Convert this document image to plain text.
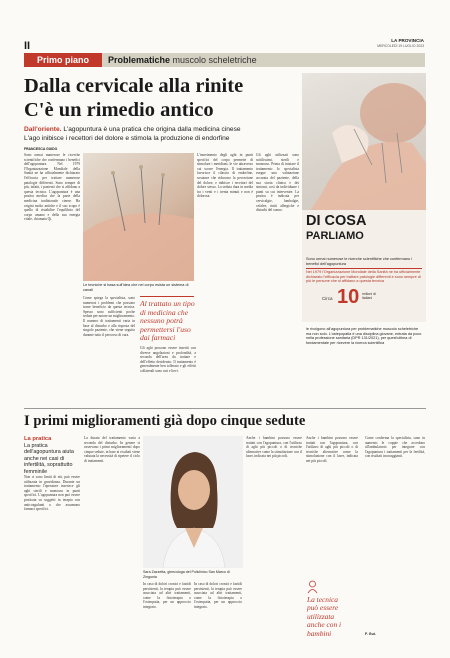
II	LA PROVINCIA
MERCOLEDÌ 19 LUGLIO 2023
Primo piano	Problematiche muscolo scheletriche
Dalla cervicale alla rinite
C'è un rimedio antico
Dall'oriente. L'agopuntura è una pratica che origina dalla medicina cinese
L'ago inibisce i recettori del dolore e stimola la produzione di endorfine
DI COSA
PARLIAMO
Sono ormai numerose le ricerche scientifiche che confermano i benefici dell'agopuntura
Nel 1979 l'Organizzazione Mondiale della Sanità ne ha ufficialmente dichiarato l'efficacia per trattare patologie differenti e sono sempre di più le persone che si affidano a questa tecnica
Circa 10 milioni di italiani
le rivolgono all'agopuntura per problematiche muscolo scheletriche ma non solo. L'ostepopatia è una disciplina giovane, entrata da poco nella professione sanitaria (DPR 131/2021), per quest'ultima di fondamentale per ricevere la ricerca scientifica
FRANCESCA GUIDO
Sono ormai numerose le ricerche scientifiche che confermano i benefici dell'agopuntura. Nel 1979 l'Organizzazione Mondiale della Sanità ne ha ufficialmente dichiarato l'efficacia per trattare numerose patologie differenti. Sono sempre di più, infatti, i pazienti che si affidano a questa tecnica. L'agopuntura è una pratica medica che fa parte della medicina tradizionale cinese. Ha origini molto antiche e il suo scopo è quello di ristabilire l'equilibrio del corpo umano e della sua energia vitale, chiamata Qi.
Le tecniche si basa sull'idea che nel corpo esista un sistema di canali
L'inserimento degli aghi in punti specifici del corpo permette di stimolare i meridiani, le vie attraverso cui scorre l'energia. Il trattamento favorisce il rilascio di endorfine, sostanze che riducono la percezione del dolore, e inibisce i recettori del dolore stesso. La seduta dura in media tra i venti e i trenta minuti e non è dolorosa.
Gli aghi utilizzati sono sottilissimi, sterili e monouso. Prima di iniziare il trattamento lo specialista esegue una valutazione accurata del paziente, della sua storia clinica e dei sintomi, così da individuare i punti su cui intervenire. La pratica è indicata per cervicalgie, lombalgie, cefalee, riniti allergiche e disturbi del sonno.
Come spiega la specialista, sono numerosi i problemi che possono trarre beneficio da questa tecnica. Spesso sono sufficienti poche sedute per notare un miglioramento. Il numero di trattamenti varia in base al disturbo e alla risposta del singolo paziente, che viene seguito durante tutto il percorso di cura.
Al trattato un tipo di medicina che nessuno potrà permettersi l'uso dai farmaci
Gli aghi possono essere inseriti con diverse angolazioni e profondità, a seconda dell'area da trattare e dell'effetto desiderato. Il trattamento è generalmente ben tollerato e gli effetti collaterali sono rari e lievi.
I primi miglioramenti già dopo cinque sedute
La pratica
La pratica dell'agopuntura aiuta anche nei casi di infertilità, soprattutto femminile
Non ci sono limiti di età, può essere utilizzata in gravidanza. Durante un trattamento l'operatore inserisce gli aghi sterili e monouso in punti specifici. L'agopuntura non può essere praticata su soggetti in terapia con anticoagulanti o che assumono farmaci specifici.
La durata del trattamento varia a seconda del disturbo. In genere si osservano i primi miglioramenti dopo cinque sedute, in base ai risultati viene valutata la necessità di ripetere il ciclo di trattamenti.
Sara Zazzetta, ginecologa del Policlinico San Marco di Zingonia
In caso di dolori cronici e fastidi persistenti, la terapia può essere associata ad altri trattamenti, come la fisioterapia o l'osteopatia, per un approccio integrato.
In caso di dolori cronici e fastidi persistenti, la terapia può essere associata ad altri trattamenti, come la fisioterapia o l'osteopatia, per un approccio integrato.
Anche i bambini possono essere trattati con l'agopuntura, con l'utilizzo di aghi più piccoli o di tecniche alternative come la stimolazione con il laser, indicata nei più piccoli.
Anche i bambini possono essere trattati con l'agopuntura, con l'utilizzo di aghi più piccoli o di tecniche alternative come la stimolazione con il laser, indicata nei più piccoli.
La tecnica
può essere
utilizzata
anche con i bambini
Come conferma la specialista, sono in aumento le coppie che accedono all'ambulatorio per integrare con l'agopuntura i trattamenti per la fertilità, con risultati incoraggianti.
F. Gui.
